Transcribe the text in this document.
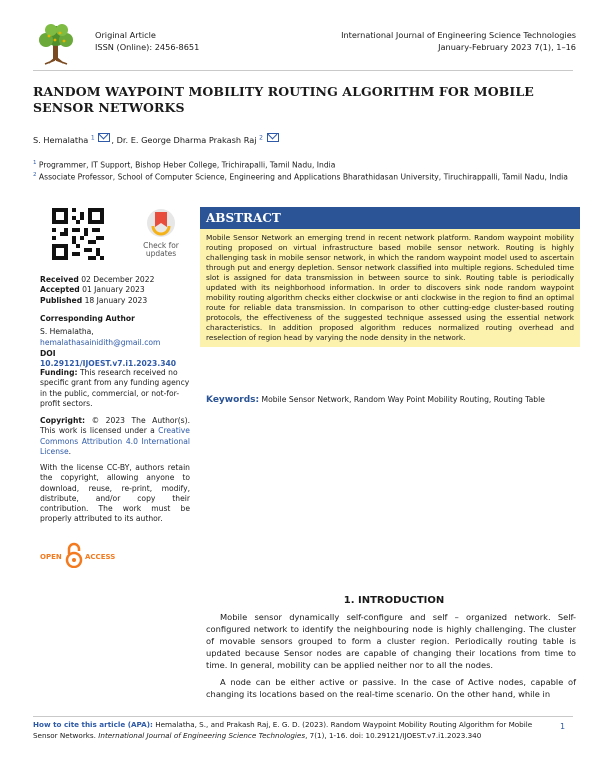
Original Article
ISSN (Online): 2456-8651
International Journal of Engineering Science Technologies
January-February 2023 7(1), 1–16
RANDOM WAYPOINT MOBILITY ROUTING ALGORITHM FOR MOBILE SENSOR NETWORKS
S. Hemalatha $^1$ , Dr. E. George Dharma Prakash Raj $^2$
$^1$ Programmer, IT Support, Bishop Heber College, Trichirapalli, Tamil Nadu, India
$^2$ Associate Professor, School of Computer Science, Engineering and Applications Bharathidasan University, Tiruchirappalli, Tamil Nadu, India
Check for
updates
Received 02 December 2022
Accepted 01 January 2023
Published 18 January 2023
Corresponding Author
S. Hemalatha,
hemalathasainidith@gmail.com
DOI 10.29121/IJOEST.v7.i1.2023.340
Funding: This research received no specific grant from any funding agency in the public, commercial, or not-for-profit sectors.
Copyright: © 2023 The Author(s). This work is licensed under a Creative Commons Attribution 4.0 International License.
With the license CC-BY, authors retain the copyright, allowing anyone to download, reuse, re-print, modify, distribute, and/or copy their contribution. The work must be properly attributed to its author.
OPEN	ACCESS
ABSTRACT
Mobile Sensor Network an emerging trend in recent network platform. Random waypoint mobility routing proposed on virtual infrastructure based mobile sensor network. Routing is highly challenging task in mobile sensor network, in which the random waypoint model used to ascertain through put and energy depletion. Sensor network classified into multiple regions. Scheduled time slot is assigned for data transmission in between source to sink. Routing table is periodically updated with its neighborhood information. In order to discovers sink node random waypoint mobility routing algorithm checks either clockwise or anti clockwise in the region to find an optimal route for reliable data transmission. In comparison to other cutting-edge cluster-based routing protocols, the effectiveness of the suggested technique assessed using the essential network characteristics. In addition proposed algorithm reduces normalized routing overhead and reselection of region head by varying the node density in the network.
Keywords: Mobile Sensor Network, Random Way Point Mobility Routing, Routing Table
1. INTRODUCTION
Mobile sensor dynamically self-configure and self – organized network. Self-configured network to identify the neighbouring node is highly challenging. The cluster of movable sensors grouped to form a cluster region. Periodically routing table is updated because Sensor nodes are capable of changing their locations from time to time. In general, mobility can be applied neither nor to all the nodes.
A node can be either active or passive. In the case of Active nodes, capable of changing its locations based on the real-time scenario. On the other hand, while in
How to cite this article (APA): Hemalatha, S., and Prakash Raj, E. G. D. (2023). Random Waypoint Mobility Routing Algorithm for Mobile Sensor Networks. International Journal of Engineering Science Technologies, 7(1), 1-16. doi: 10.29121/IJOEST.v7.i1.2023.340
1
